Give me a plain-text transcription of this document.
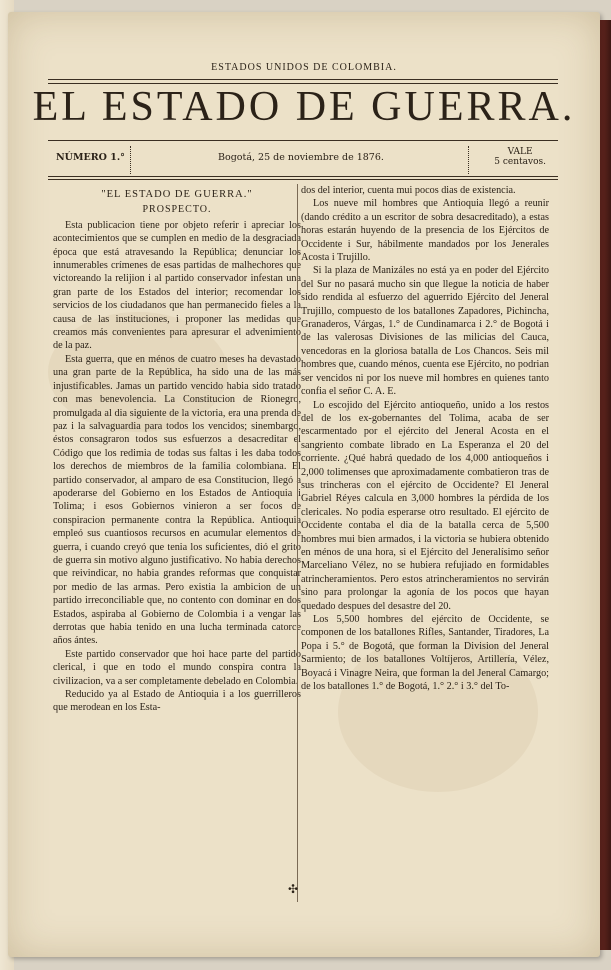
ESTADOS UNIDOS DE COLOMBIA.
EL ESTADO DE GUERRA.
NÚMERO 1.°	Bogotá, 25 de noviembre de 1876.	VALE
5 centavos.
"EL ESTADO DE GUERRA."
PROSPECTO.

Esta publicacion tiene por objeto referir i apreciar los acontecimientos que se cumplen en medio de la desgraciada época que está atravesando la República; denunciar los innumerables crímenes de esas partidas de malhechores que victoreando la relijion i al partido conservador infestan una gran parte de los Estados del interior; recomendar los servicios de los ciudadanos que han permanecido fieles a la causa de las instituciones, i proponer las medidas que creamos más convenientes para apresurar el advenimiento de la paz.

Esta guerra, que en ménos de cuatro meses ha devastado una gran parte de la República, ha sido una de las más injustificables. Jamas un partido vencido habia sido tratado con mas benevolencia. La Constitucion de Rionegro, promulgada al dia siguiente de la victoria, era una prenda de paz i la salvaguardia para todos los vencidos; sinembargo, éstos consagraron todos sus esfuerzos a desacreditar el Código que los redimia de todas sus faltas i les daba todos los derechos de miembros de la familia colombiana. El partido conservador, al amparo de esa Constitucion, llegó a apoderarse del Gobierno en los Estados de Antioquia i Tolima; i esos Gobiernos vinieron a ser focos de conspiracion permanente contra la República. Antioquia empleó sus cuantiosos recursos en acumular elementos de guerra, i cuando creyó que tenia los suficientes, dió el grito de guerra sin motivo alguno justificativo. No habia derechos que reivindicar, no habia grandes reformas que conquistar por medio de las armas. Pero existia la ambicion de un partido irreconciliable que, no contento con dominar en dos Estados, aspiraba al Gobierno de Colombia i a vengar las derrotas que habia tenido en una lucha terminada catorce años ántes.

Este partido conservador que hoi hace parte del partido clerical, i que en todo el mundo conspira contra la civilizacion, va a ser completamente debelado en Colombia.

Reducido ya al Estado de Antioquia i a los guerrilleros que merodean en los Esta-

dos del interior, cuenta mui pocos dias de existencia.

Los nueve mil hombres que Antioquia llegó a reunir (dando crédito a un escritor de sobra desacreditado), a estas horas estarán huyendo de la presencia de los Ejércitos de Occidente i Sur, hábilmente mandados por los Jenerales Acosta i Trujillo.

Si la plaza de Manizáles no está ya en poder del Ejército del Sur no pasará mucho sin que llegue la noticia de haber sido rendida al esfuerzo del aguerrido Ejército del Jeneral Trujillo, compuesto de los batallones Zapadores, Pichincha, Granaderos, Várgas, 1.° de Cundinamarca i 2.° de Bogotá i de las valerosas Divisiones de las milicias del Cauca, vencedoras en la gloriosa batalla de Los Chancos. Seis mil hombres que, cuando ménos, cuenta ese Ejército, no podrian ser vencidos ni por los nueve mil hombres en quienes tanto confia el señor C. A. E.

Lo escojido del Ejército antioqueño, unido a los restos del de los ex-gobernantes del Tolima, acaba de ser escarmentado por el ejército del Jeneral Acosta en el sangriento combate librado en La Esperanza el 20 del corriente. ¿Qué habrá quedado de los 4,000 antioqueños i 2,000 tolimenses que aproximadamente combatieron tras de sus trincheras con el ejército de Occidente? El Jeneral Gabriel Réyes calcula en 3,000 hombres la pérdida de los clericales. No podia esperarse otro resultado. El ejército de Occidente contaba el dia de la batalla cerca de 5,500 hombres mui bien armados, i la victoria se hubiera obtenido en ménos de una hora, si el Ejército del Jeneralísimo señor Marceliano Vélez, no se hubiera refujiado en formidables atrincheramientos. Pero estos atrincheramientos no servirán sino para prolongar la agonía de los pocos que hayan quedado despues del desastre del 20.

Los 5,500 hombres del ejército de Occidente, se componen de los batallones Rifles, Santander, Tiradores, La Popa i 5.° de Bogotá, que forman la Division del Jeneral Sarmiento; de los batallones Voltíjeros, Artillería, Vélez, Boyacá i Vinagre Neira, que forman la del Jeneral Camargo; de los batallones 1.° de Bogotá, 1.° 2.° i 3.° del To-

✣
